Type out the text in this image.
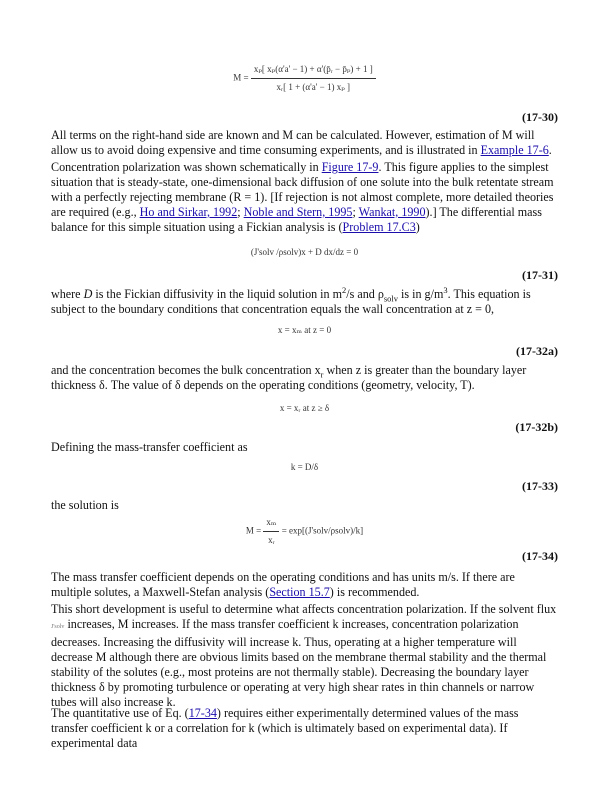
$M = \frac{\text{xₚ[ xₚ(α'a' − 1) + α'(p̄ᵣ − p̄ₚ) + 1 ]}}{\text{xᵣ[ 1 + (α'a' − 1) xₚ ]}}$
(17-30)

All terms on the right-hand side are known and M can be calculated. However, estimation of M will allow us to avoid doing expensive and time consuming experiments, and is illustrated in Example 17-6.

Concentration polarization was shown schematically in Figure 17-9. This figure applies to the simplest situation that is steady-state, one-dimensional back diffusion of one solute into the bulk retentate stream with a perfectly rejecting membrane (R = 1). [If rejection is not almost complete, more detailed theories are required (e.g., Ho and Sirkar, 1992; Noble and Stern, 1995; Wankat, 1990).] The differential mass balance for this simple situation using a Fickian analysis is (Problem 17.C3)

(J'solv /ρsolv)x + D dx/dz = 0
(17-31)

where D is the Fickian diffusivity in the liquid solution in $m^2/s$ and $\rho_{solv}$ is in $g/m^3$. This equation is subject to the boundary conditions that concentration equals the wall concentration at z = 0,

x = xₘ at z = 0
(17-32a)

and the concentration becomes the bulk concentration $x_r$ when z is greater than the boundary layer thickness δ. The value of δ depends on the operating conditions (geometry, velocity, T).

x = xᵣ at z ≥ δ
(17-32b)

Defining the mass-transfer coefficient as

k = D/δ
(17-33)

the solution is

$M = \frac{\text{xₘ}}{\text{xᵣ}}$ = exp[(J'solv/ρsolv)/k]
(17-34)

The mass transfer coefficient depends on the operating conditions and has units m/s. If there are multiple solutes, a Maxwell-Stefan analysis (Section 15.7) is recommended.

This short development is useful to determine what affects concentration polarization. If the solvent flux J'solv increases, M increases. If the mass transfer coefficient k increases, concentration polarization decreases. Increasing the diffusivity will increase k. Thus, operating at a higher temperature will decrease M although there are obvious limits based on the membrane thermal stability and the thermal stability of the solutes (e.g., most proteins are not thermally stable). Decreasing the boundary layer thickness δ by promoting turbulence or operating at very high shear rates in thin channels or narrow tubes will also increase k.

The quantitative use of Eq. (17-34) requires either experimentally determined values of the mass transfer coefficient k or a correlation for k (which is ultimately based on experimental data). If experimental data
